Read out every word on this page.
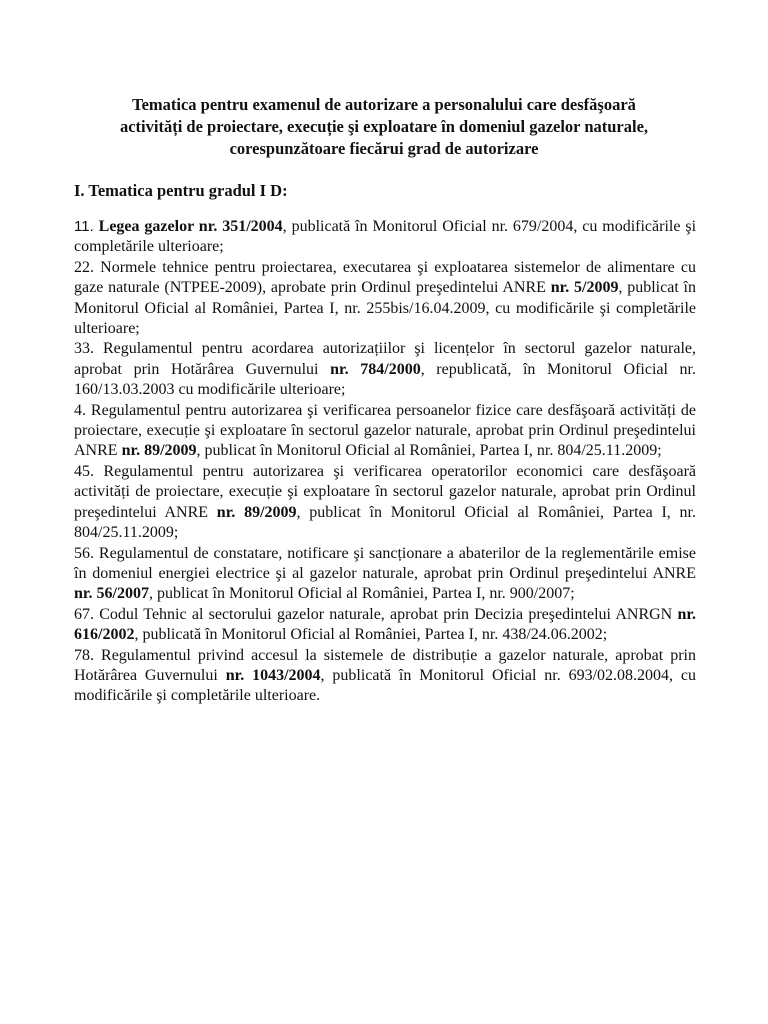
Tematica pentru examenul de autorizare a personalului care desfăşoară
activități de proiectare, execuție şi exploatare în domeniul gazelor naturale,
corespunzătoare fiecărui grad de autorizare
I. Tematica pentru gradul I D:

11. Legea gazelor nr. 351/2004, publicată în Monitorul Oficial nr. 679/2004, cu modificările şi completările ulterioare;

22. Normele tehnice pentru proiectarea, executarea şi exploatarea sistemelor de alimentare cu gaze naturale (NTPEE-2009), aprobate prin Ordinul preşedintelui ANRE nr. 5/2009, publicat în Monitorul Oficial al României, Partea I, nr. 255bis/16.04.2009, cu modificările şi completările ulterioare;

33. Regulamentul pentru acordarea autorizațiilor şi licențelor în sectorul gazelor naturale, aprobat prin Hotărârea Guvernului nr. 784/2000, republicată, în Monitorul Oficial nr. 160/13.03.2003 cu modificările ulterioare;

4. Regulamentul pentru autorizarea şi verificarea persoanelor fizice care desfăşoară activități de proiectare, execuție şi exploatare în sectorul gazelor naturale, aprobat prin Ordinul preşedintelui ANRE nr. 89/2009, publicat în Monitorul Oficial al României, Partea I, nr. 804/25.11.2009;

45. Regulamentul pentru autorizarea şi verificarea operatorilor economici care desfăşoară activități de proiectare, execuție şi exploatare în sectorul gazelor naturale, aprobat prin Ordinul preşedintelui ANRE nr. 89/2009, publicat în Monitorul Oficial al României, Partea I, nr. 804/25.11.2009;

56. Regulamentul de constatare, notificare şi sancționare a abaterilor de la reglementările emise în domeniul energiei electrice şi al gazelor naturale, aprobat prin Ordinul preşedintelui ANRE nr. 56/2007, publicat în Monitorul Oficial al României, Partea I, nr. 900/2007;

67. Codul Tehnic al sectorului gazelor naturale, aprobat prin Decizia preşedintelui ANRGN nr. 616/2002, publicată în Monitorul Oficial al României, Partea I, nr. 438/24.06.2002;

78. Regulamentul privind accesul la sistemele de distribuție a gazelor naturale, aprobat prin Hotărârea Guvernului nr. 1043/2004, publicată în Monitorul Oficial nr. 693/02.08.2004, cu modificările şi completările ulterioare.
